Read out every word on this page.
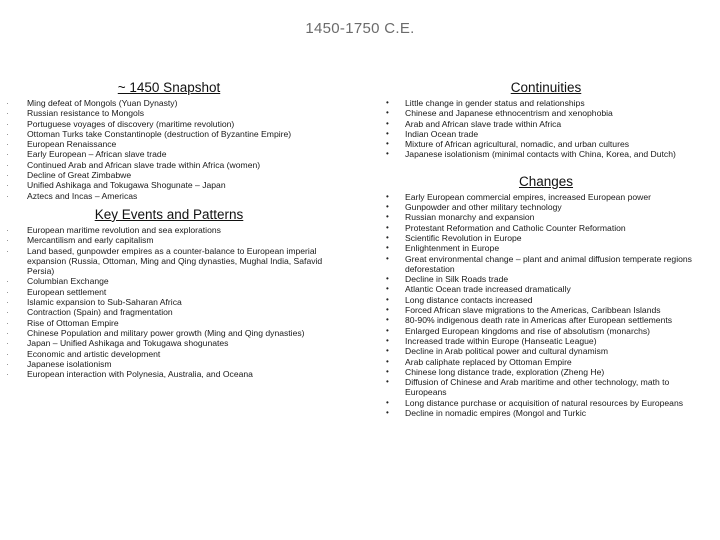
1450-1750 C.E.
~ 1450 Snapshot
· Ming defeat of Mongols (Yuan Dynasty)
· Russian resistance to Mongols
· Portuguese voyages of discovery (maritime revolution)
· Ottoman Turks take Constantinople (destruction of Byzantine Empire)
· European Renaissance
· Early European – African slave trade
· Continued Arab and African slave trade within Africa (women)
· Decline of Great Zimbabwe
· Unified Ashikaga and Tokugawa Shogunate – Japan
· Aztecs and Incas – Americas
Key Events and Patterns
· European maritime revolution and sea explorations
· Mercantilism and early capitalism
· Land based, gunpowder empires as a counter-balance to European imperial expansion (Russia, Ottoman, Ming and Qing dynasties, Mughal India, Safavid Persia)
· Columbian Exchange
· European settlement
· Islamic expansion to Sub-Saharan Africa
· Contraction (Spain) and fragmentation
· Rise of Ottoman Empire
· Chinese Population and military power growth (Ming and Qing dynasties)
· Japan – Unified Ashikaga and Tokugawa shogunates
· Economic and artistic development
· Japanese isolationism
· European interaction with Polynesia, Australia, and Oceana
Continuities
• Little change in gender status and relationships
• Chinese and Japanese ethnocentrism and xenophobia
• Arab and African slave trade within Africa
• Indian Ocean trade
• Mixture of African agricultural, nomadic, and urban cultures
• Japanese isolationism (minimal contacts with China, Korea, and Dutch)
Changes
• Early European commercial empires, increased European power
• Gunpowder and other military technology
• Russian monarchy and expansion
• Protestant Reformation and Catholic Counter Reformation
• Scientific Revolution in Europe
• Enlightenment in Europe
• Great environmental change – plant and animal diffusion temperate regions deforestation
• Decline in Silk Roads trade
• Atlantic Ocean trade increased dramatically
• Long distance contacts increased
• Forced African slave migrations to the Americas, Caribbean Islands
• 80-90% indigenous death rate in Americas after European settlements
• Enlarged European kingdoms and rise of absolutism (monarchs)
• Increased trade within Europe (Hanseatic League)
• Decline in Arab political power and cultural dynamism
• Arab caliphate replaced by Ottoman Empire
• Chinese long distance trade, exploration (Zheng He)
• Diffusion of Chinese and Arab maritime and other technology, math to Europeans
• Long distance purchase or acquisition of natural resources by Europeans
• Decline in nomadic empires (Mongol and Turkic
